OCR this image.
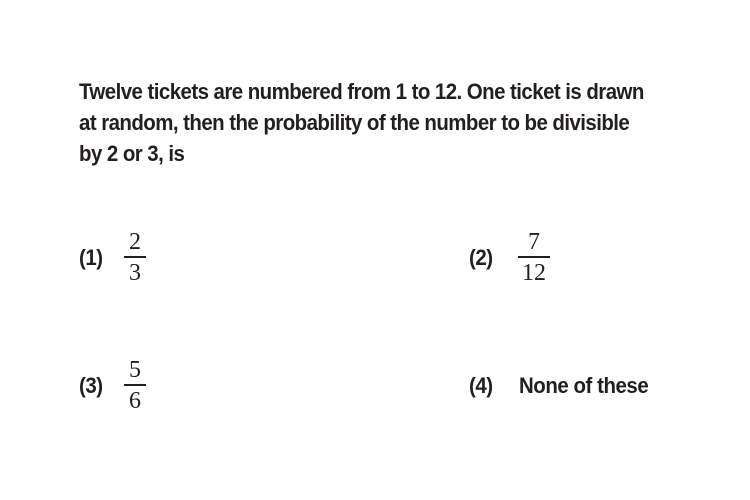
Twelve tickets are numbered from 1 to 12. One ticket is drawn at random, then the probability of the number to be divisible by 2 or 3, is
(1)
2
3
(2)
7
12
(3)
5
6
(4) None of these
